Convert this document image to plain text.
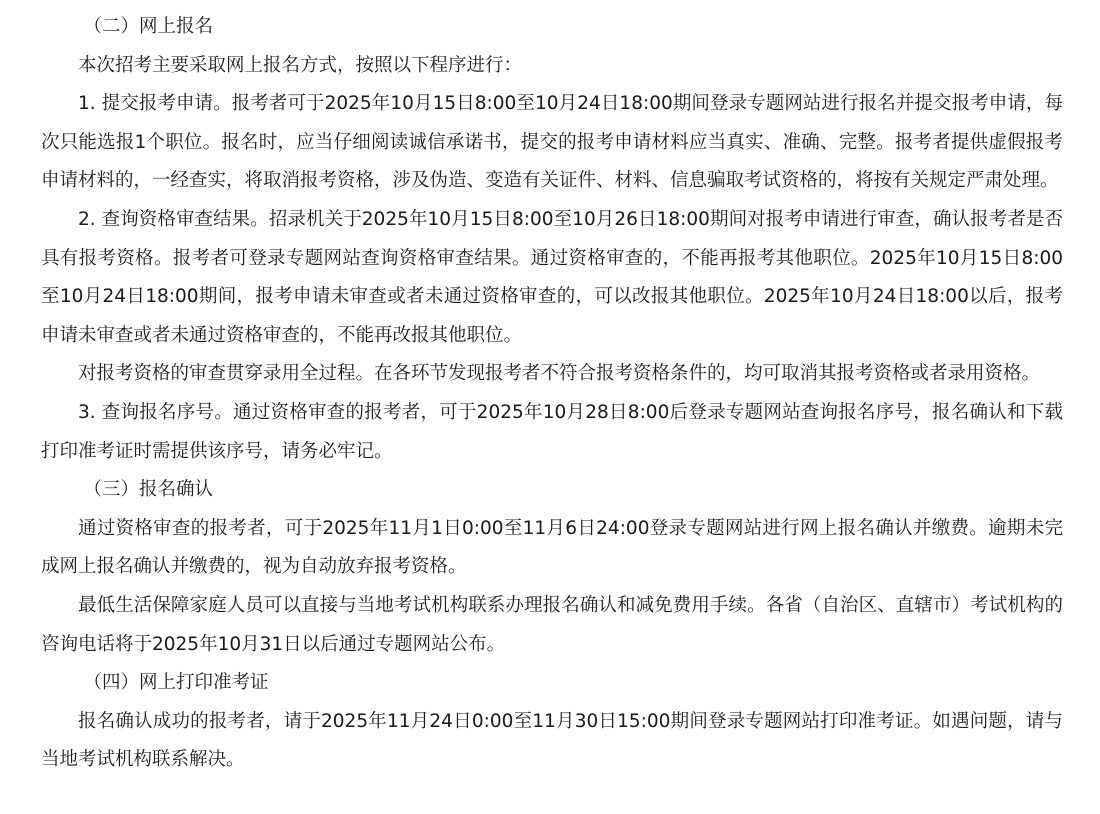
（二）网上报名

本次招考主要采取网上报名方式，按照以下程序进行：

1. 提交报考申请。报考者可于2025年10月15日8:00至10月24日18:00期间登录专题网站进行报名并提交报考申请，每次只能选报1个职位。报名时，应当仔细阅读诚信承诺书，提交的报考申请材料应当真实、准确、完整。报考者提供虚假报考申请材料的，一经查实，将取消报考资格，涉及伪造、变造有关证件、材料、信息骗取考试资格的，将按有关规定严肃处理。

2. 查询资格审查结果。招录机关于2025年10月15日8:00至10月26日18:00期间对报考申请进行审查，确认报考者是否具有报考资格。报考者可登录专题网站查询资格审查结果。通过资格审查的，不能再报考其他职位。2025年10月15日8:00至10月24日18:00期间，报考申请未审查或者未通过资格审查的，可以改报其他职位。2025年10月24日18:00以后，报考申请未审查或者未通过资格审查的，不能再改报其他职位。

对报考资格的审查贯穿录用全过程。在各环节发现报考者不符合报考资格条件的，均可取消其报考资格或者录用资格。

3. 查询报名序号。通过资格审查的报考者，可于2025年10月28日8:00后登录专题网站查询报名序号，报名确认和下载打印准考证时需提供该序号，请务必牢记。

（三）报名确认

通过资格审查的报考者，可于2025年11月1日0:00至11月6日24:00登录专题网站进行网上报名确认并缴费。逾期未完成网上报名确认并缴费的，视为自动放弃报考资格。

最低生活保障家庭人员可以直接与当地考试机构联系办理报名确认和减免费用手续。各省（自治区、直辖市）考试机构的咨询电话将于2025年10月31日以后通过专题网站公布。

（四）网上打印准考证

报名确认成功的报考者，请于2025年11月24日0:00至11月30日15:00期间登录专题网站打印准考证。如遇问题，请与当地考试机构联系解决。
